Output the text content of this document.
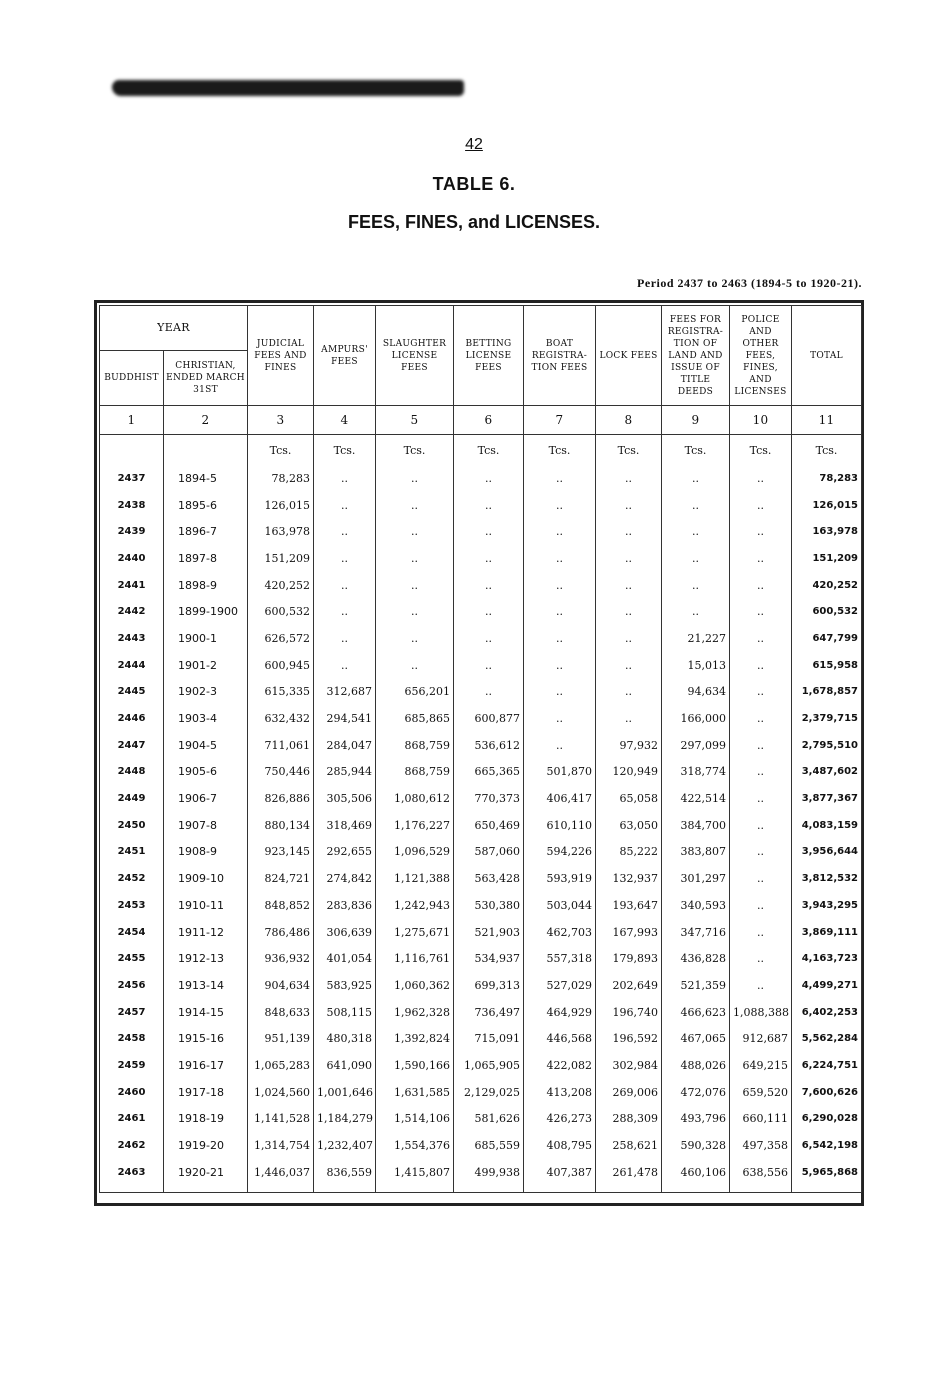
42
TABLE 6.
FEES, FINES, and LICENSES.
Period 2437 to 2463 (1894-5 to 1920-21).
YEAR		JUDICIAL FEES AND FINES	AMPURS' FEES	SLAUGHTER LICENSE FEES	BETTING LICENSE FEES	BOAT REGISTRA-TION FEES	LOCK FEES	FEES FOR REGISTRA-TION OF LAND AND ISSUE OF TITLE DEEDS	POLICE AND OTHER FEES, FINES, AND LICENSES	TOTAL
BUDDHIST	CHRISTIAN, ENDED MARCH 31ST									
1	2	3	4	5	6	7	8	9	10	11
		Tcs.	Tcs.	Tcs.	Tcs.	Tcs.	Tcs.	Tcs.	Tcs.	Tcs.
2437	1894-5	78,283	..	..	..	..	..	..	..	78,283
2438	1895-6	126,015	..	..	..	..	..	..	..	126,015
2439	1896-7	163,978	..	..	..	..	..	..	..	163,978
2440	1897-8	151,209	..	..	..	..	..	..	..	151,209
2441	1898-9	420,252	..	..	..	..	..	..	..	420,252
2442	1899-1900	600,532	..	..	..	..	..	..	..	600,532
2443	1900-1	626,572	..	..	..	..	..	21,227	..	647,799
2444	1901-2	600,945	..	..	..	..	..	15,013	..	615,958
2445	1902-3	615,335	312,687	656,201	..	..	..	94,634	..	1,678,857
2446	1903-4	632,432	294,541	685,865	600,877	..	..	166,000	..	2,379,715
2447	1904-5	711,061	284,047	868,759	536,612	..	97,932	297,099	..	2,795,510
2448	1905-6	750,446	285,944	868,759	665,365	501,870	120,949	318,774	..	3,487,602
2449	1906-7	826,886	305,506	1,080,612	770,373	406,417	65,058	422,514	..	3,877,367
2450	1907-8	880,134	318,469	1,176,227	650,469	610,110	63,050	384,700	..	4,083,159
2451	1908-9	923,145	292,655	1,096,529	587,060	594,226	85,222	383,807	..	3,956,644
2452	1909-10	824,721	274,842	1,121,388	563,428	593,919	132,937	301,297	..	3,812,532
2453	1910-11	848,852	283,836	1,242,943	530,380	503,044	193,647	340,593	..	3,943,295
2454	1911-12	786,486	306,639	1,275,671	521,903	462,703	167,993	347,716	..	3,869,111
2455	1912-13	936,932	401,054	1,116,761	534,937	557,318	179,893	436,828	..	4,163,723
2456	1913-14	904,634	583,925	1,060,362	699,313	527,029	202,649	521,359	..	4,499,271
2457	1914-15	848,633	508,115	1,962,328	736,497	464,929	196,740	466,623	1,088,388	6,402,253
2458	1915-16	951,139	480,318	1,392,824	715,091	446,568	196,592	467,065	912,687	5,562,284
2459	1916-17	1,065,283	641,090	1,590,166	1,065,905	422,082	302,984	488,026	649,215	6,224,751
2460	1917-18	1,024,560	1,001,646	1,631,585	2,129,025	413,208	269,006	472,076	659,520	7,600,626
2461	1918-19	1,141,528	1,184,279	1,514,106	581,626	426,273	288,309	493,796	660,111	6,290,028
2462	1919-20	1,314,754	1,232,407	1,554,376	685,559	408,795	258,621	590,328	497,358	6,542,198
2463	1920-21	1,446,037	836,559	1,415,807	499,938	407,387	261,478	460,106	638,556	5,965,868
